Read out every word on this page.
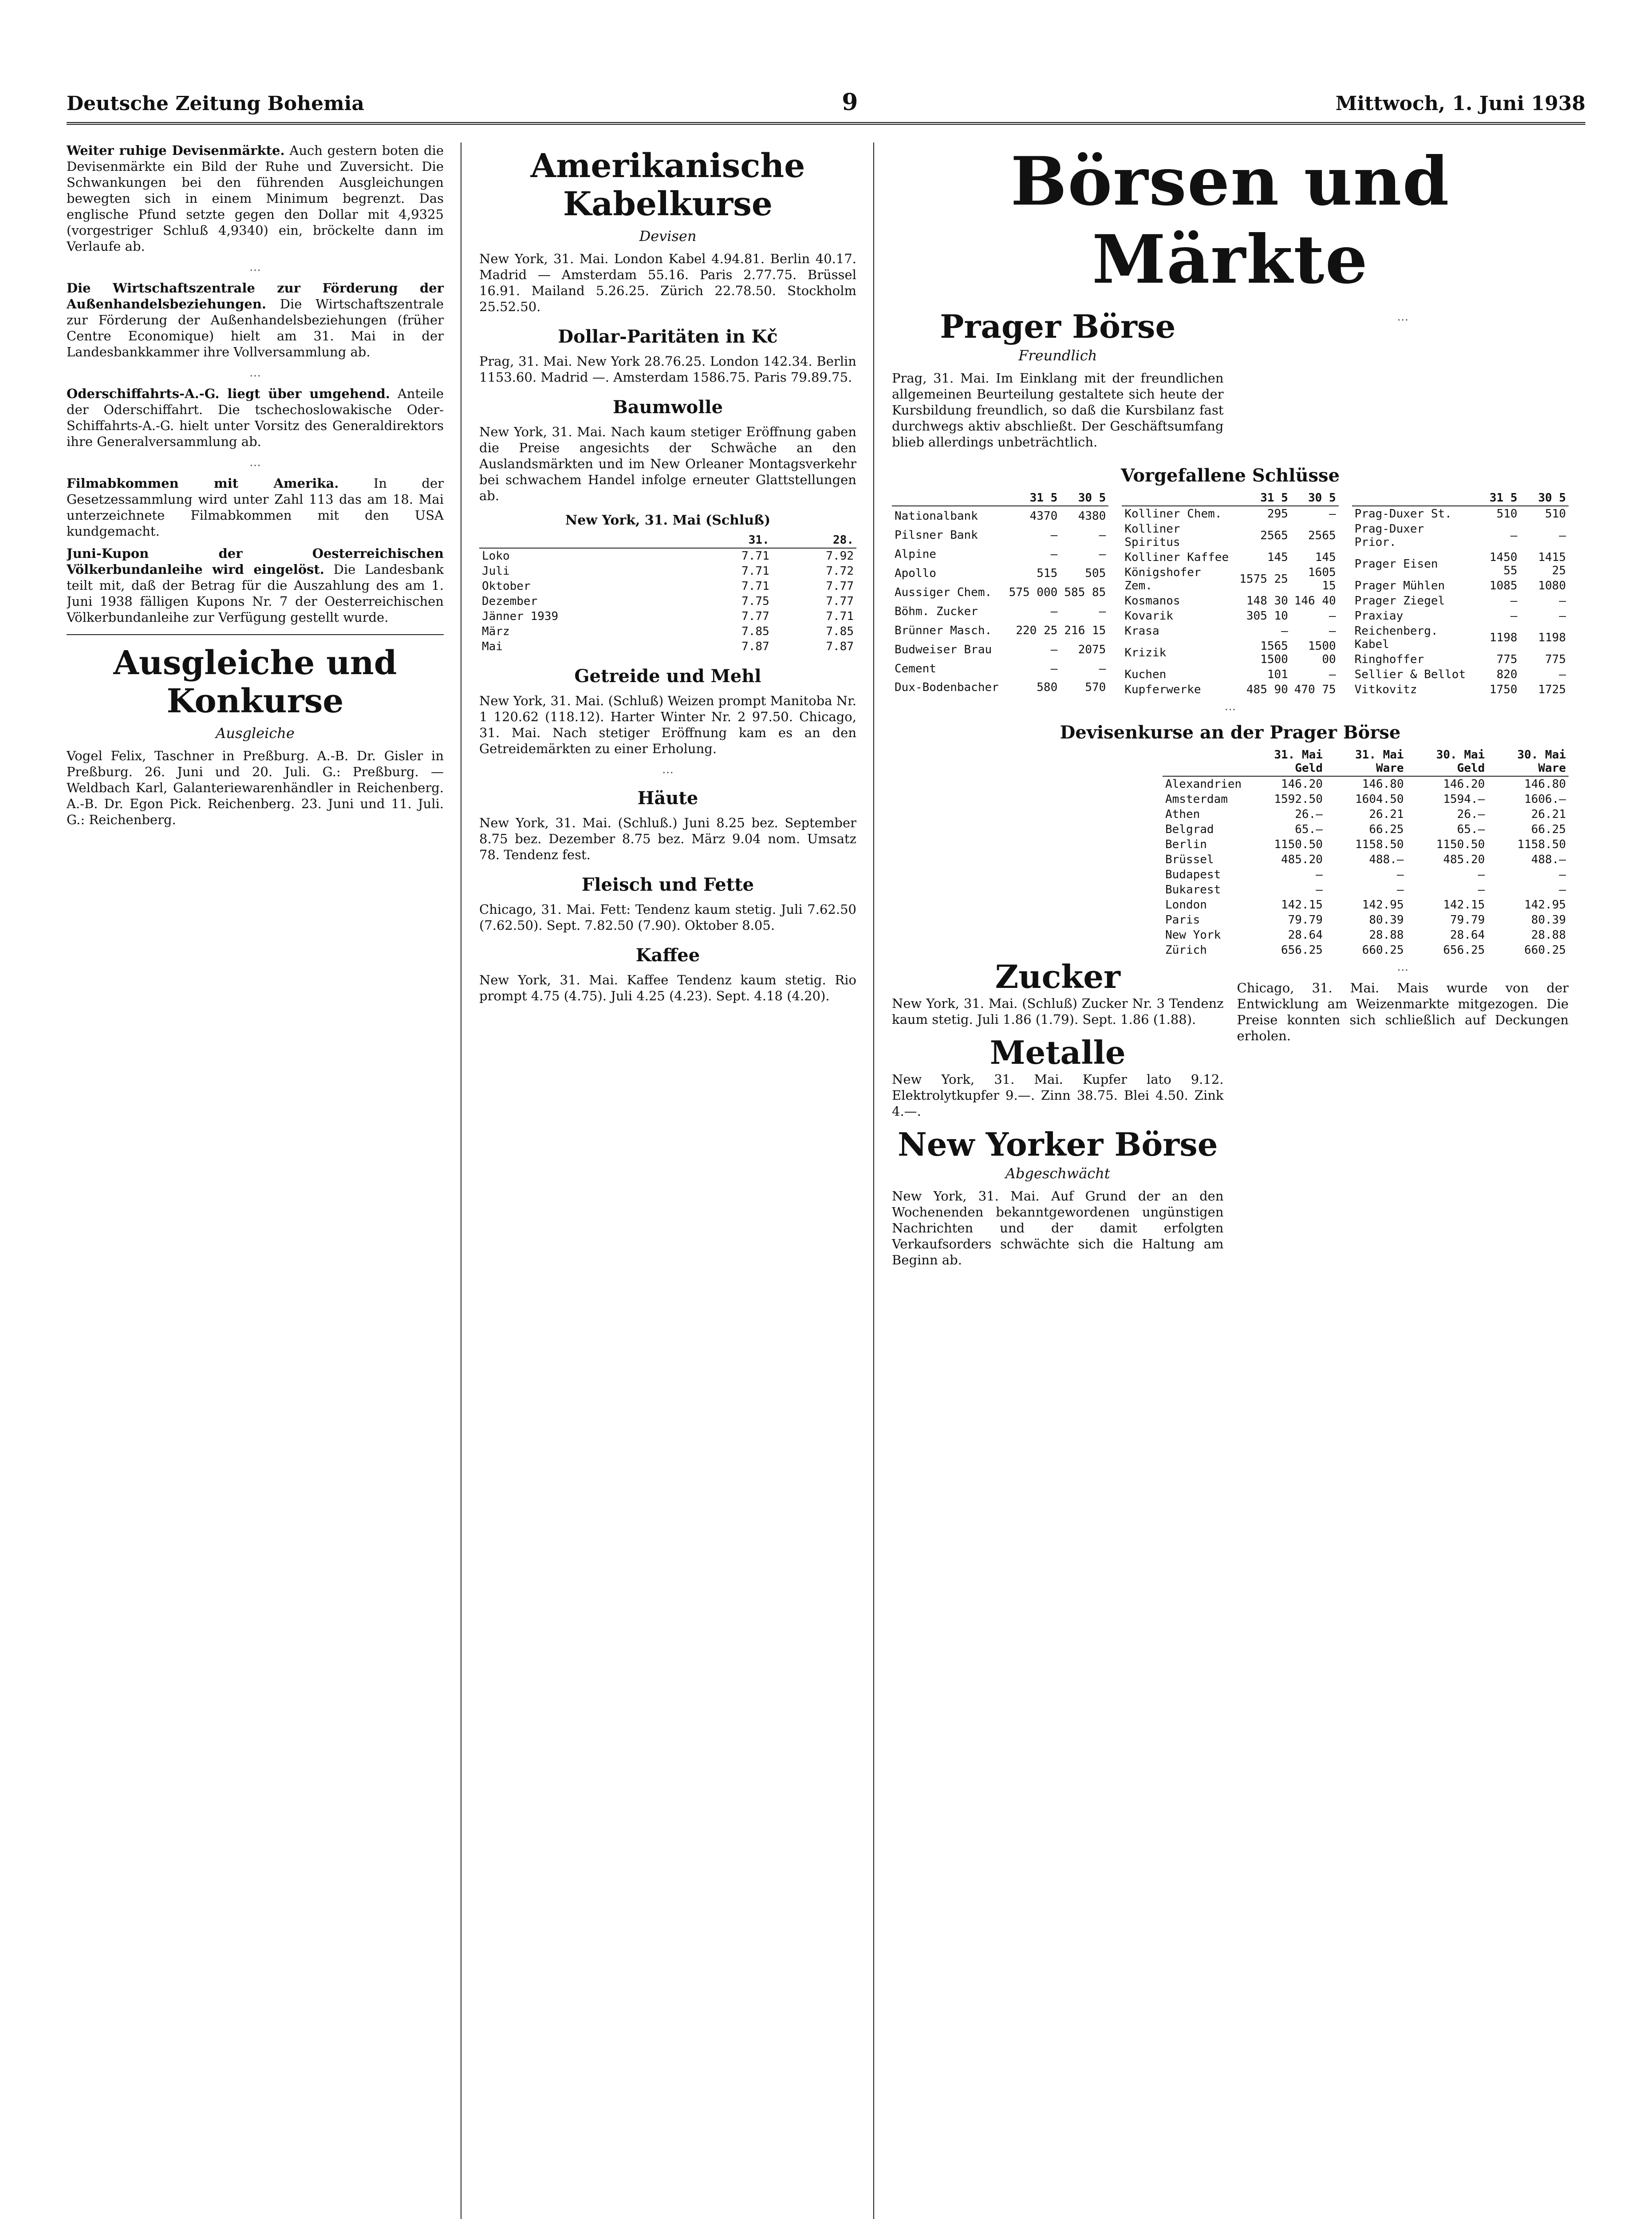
Deutsche Zeitung Bohemia	9	Mittwoch, 1. Juni 1938

Weiter ruhige Devisenmärkte. Auch gestern boten die Devisenmärkte ein Bild der Ruhe und Zuversicht. Die Schwankungen bei den führenden Ausgleichungen bewegten sich in einem Minimum begrenzt. Das englische Pfund setzte gegen den Dollar mit 4,9325 (vorgestriger Schluß 4,9340) ein, bröckelte dann im Verlaufe ab.

…

Die Wirtschaftszentrale zur Förderung der Außenhandelsbeziehungen. Die Wirtschaftszentrale zur Förderung der Außenhandelsbeziehungen (früher Centre Economique) hielt am 31. Mai in der Landesbankkammer ihre Vollversammlung ab.

…

Oderschiffahrts-A.-G. liegt über umgehend. Anteile der Oderschiffahrt. Die tschechoslowakische Oder-Schiffahrts-A.-G. hielt unter Vorsitz des Generaldirektors ihre Generalversammlung ab.

…

Filmabkommen mit Amerika.	In der Gesetzessammlung wird unter Zahl 113 das am 18. Mai unterzeichnete Filmabkommen mit den USA kundgemacht.

Juni-Kupon der Oesterreichischen Völkerbundanleihe wird eingelöst. Die Landesbank teilt mit, daß der Betrag für die Auszahlung des am 1. Juni 1938 fälligen Kupons Nr. 7 der Oesterreichischen Völkerbundanleihe zur Verfügung gestellt wurde.

Ausgleiche und Konkurse
Ausgleiche

Vogel Felix, Taschner in Preßburg. A.-B. Dr. Gisler in Preßburg. 26. Juni und 20. Juli. G.: Preßburg. — Weldbach Karl, Galanteriewarenhändler in Reichenberg. A.-B. Dr. Egon Pick. Reichenberg. 23. Juni und 11. Juli. G.: Reichenberg.

Amerikanische Kabelkurse
Devisen

New York, 31. Mai. London Kabel 4.94.81. Berlin 40.17. Madrid — Amsterdam 55.16. Paris 2.77.75. Brüssel 16.91. Mailand 5.26.25. Zürich 22.78.50. Stockholm 25.52.50.

Dollar-Paritäten in Kč

Prag, 31. Mai. New York 28.76.25. London 142.34. Berlin 1153.60. Madrid —. Amsterdam 1586.75. Paris 79.89.75.

Baumwolle

New York, 31. Mai. Nach kaum stetiger Eröffnung gaben die Preise angesichts der Schwäche an den Auslandsmärkten und im New Orleaner Montagsverkehr bei schwachem Handel infolge erneuter Glattstellungen ab.

New York, 31. Mai (Schluß)
	31.	28.
Loko	7.71	7.92
Juli	7.71	7.72
Oktober	7.71	7.77
Dezember	7.75	7.77
Jänner 1939	7.77	7.71
März	7.85	7.85
Mai	7.87	7.87
Getreide und Mehl

New York, 31. Mai. (Schluß) Weizen prompt Manitoba Nr. 1 120.62 (118.12). Harter Winter Nr. 2 97.50. Chicago, 31. Mai. Nach stetiger Eröffnung kam es an den Getreidemärkten zu einer Erholung.

…

Häute

New York, 31. Mai. (Schluß.) Juni 8.25 bez. September 8.75 bez. Dezember 8.75 bez. März 9.04 nom. Umsatz 78. Tendenz fest.

Fleisch und Fette

Chicago, 31. Mai. Fett: Tendenz kaum stetig. Juli 7.62.50 (7.62.50). Sept. 7.82.50 (7.90). Oktober 8.05.

Kaffee

New York, 31. Mai. Kaffee Tendenz kaum stetig. Rio prompt 4.75 (4.75). Juli 4.25 (4.23). Sept. 4.18 (4.20).

Börsen und Märkte
Prager Börse
Freundlich

Prag, 31. Mai. Im Einklang mit der freundlichen allgemeinen Beurteilung gestaltete sich heute der Kursbildung freundlich, so daß die Kursbilanz fast durchwegs aktiv abschließt. Der Geschäftsumfang blieb allerdings unbeträchtlich.

…

Vorgefallene Schlüsse
	31 5	30 5
Nationalbank	4370	4380
Pilsner Bank	—	—
Alpine	—	—
Apollo	515	505
Aussiger Chem.	575 000	585 85
Böhm. Zucker	—	—
Brünner Masch.	220 25	216 15
Budweiser Brau	—	2075
Cement	—	—
Dux-Bodenbacher	580	570
	31 5	30 5
Kolliner Chem.	295	—
Kolliner Spiritus	2565	2565
Kolliner Kaffee	145	145
Königshofer Zem.	1575 25	1605 15
Kosmanos	148 30	146 40
Kovarik	305 10	—
Krasa	—	—
Krizik	1565 1500	1500 00
Kuchen	101	—
Kupferwerke	485 90	470 75
	31 5	30 5
Prag-Duxer St.	510	510
Prag-Duxer Prior.	—	—
Prager Eisen	1450 55	1415 25
Prager Mühlen	1085	1080
Prager Ziegel	—	—
Praxiay	—	—
Reichenberg. Kabel	1198	1198
Ringhoffer	775	775
Sellier & Bellot	820	—
Vitkovitz	1750	1725

…

Devisenkurse an der Prager Börse
	31. Mai Geld	31. Mai Ware	30. Mai Geld	30. Mai Ware
Alexandrien	146.20	146.80	146.20	146.80
Amsterdam	1592.50	1604.50	1594.—	1606.—
Athen	26.—	26.21	26.—	26.21
Belgrad	65.—	66.25	65.—	66.25
Berlin	1150.50	1158.50	1150.50	1158.50
Brüssel	485.20	488.—	485.20	488.—
Budapest	—	—	—	—
Bukarest	—	—	—	—
London	142.15	142.95	142.15	142.95
Paris	79.79	80.39	79.79	80.39
New York	28.64	28.88	28.64	28.88
Zürich	656.25	660.25	656.25	660.25
Zucker

New York, 31. Mai. (Schluß) Zucker Nr. 3 Tendenz kaum stetig. Juli 1.86 (1.79). Sept. 1.86 (1.88).

Metalle

New York, 31. Mai. Kupfer lato 9.12. Elektrolytkupfer 9.—. Zinn 38.75. Blei 4.50. Zink 4.—.

New Yorker Börse
Abgeschwächt

New York, 31. Mai. Auf Grund der an den Wochenenden bekanntgewordenen ungünstigen Nachrichten und der damit erfolgten Verkaufsorders schwächte sich die Haltung am Beginn ab.

…

Chicago, 31. Mai. Mais wurde von der Entwicklung am Weizenmarkte mitgezogen. Die Preise konnten sich schließlich auf Deckungen erholen.
